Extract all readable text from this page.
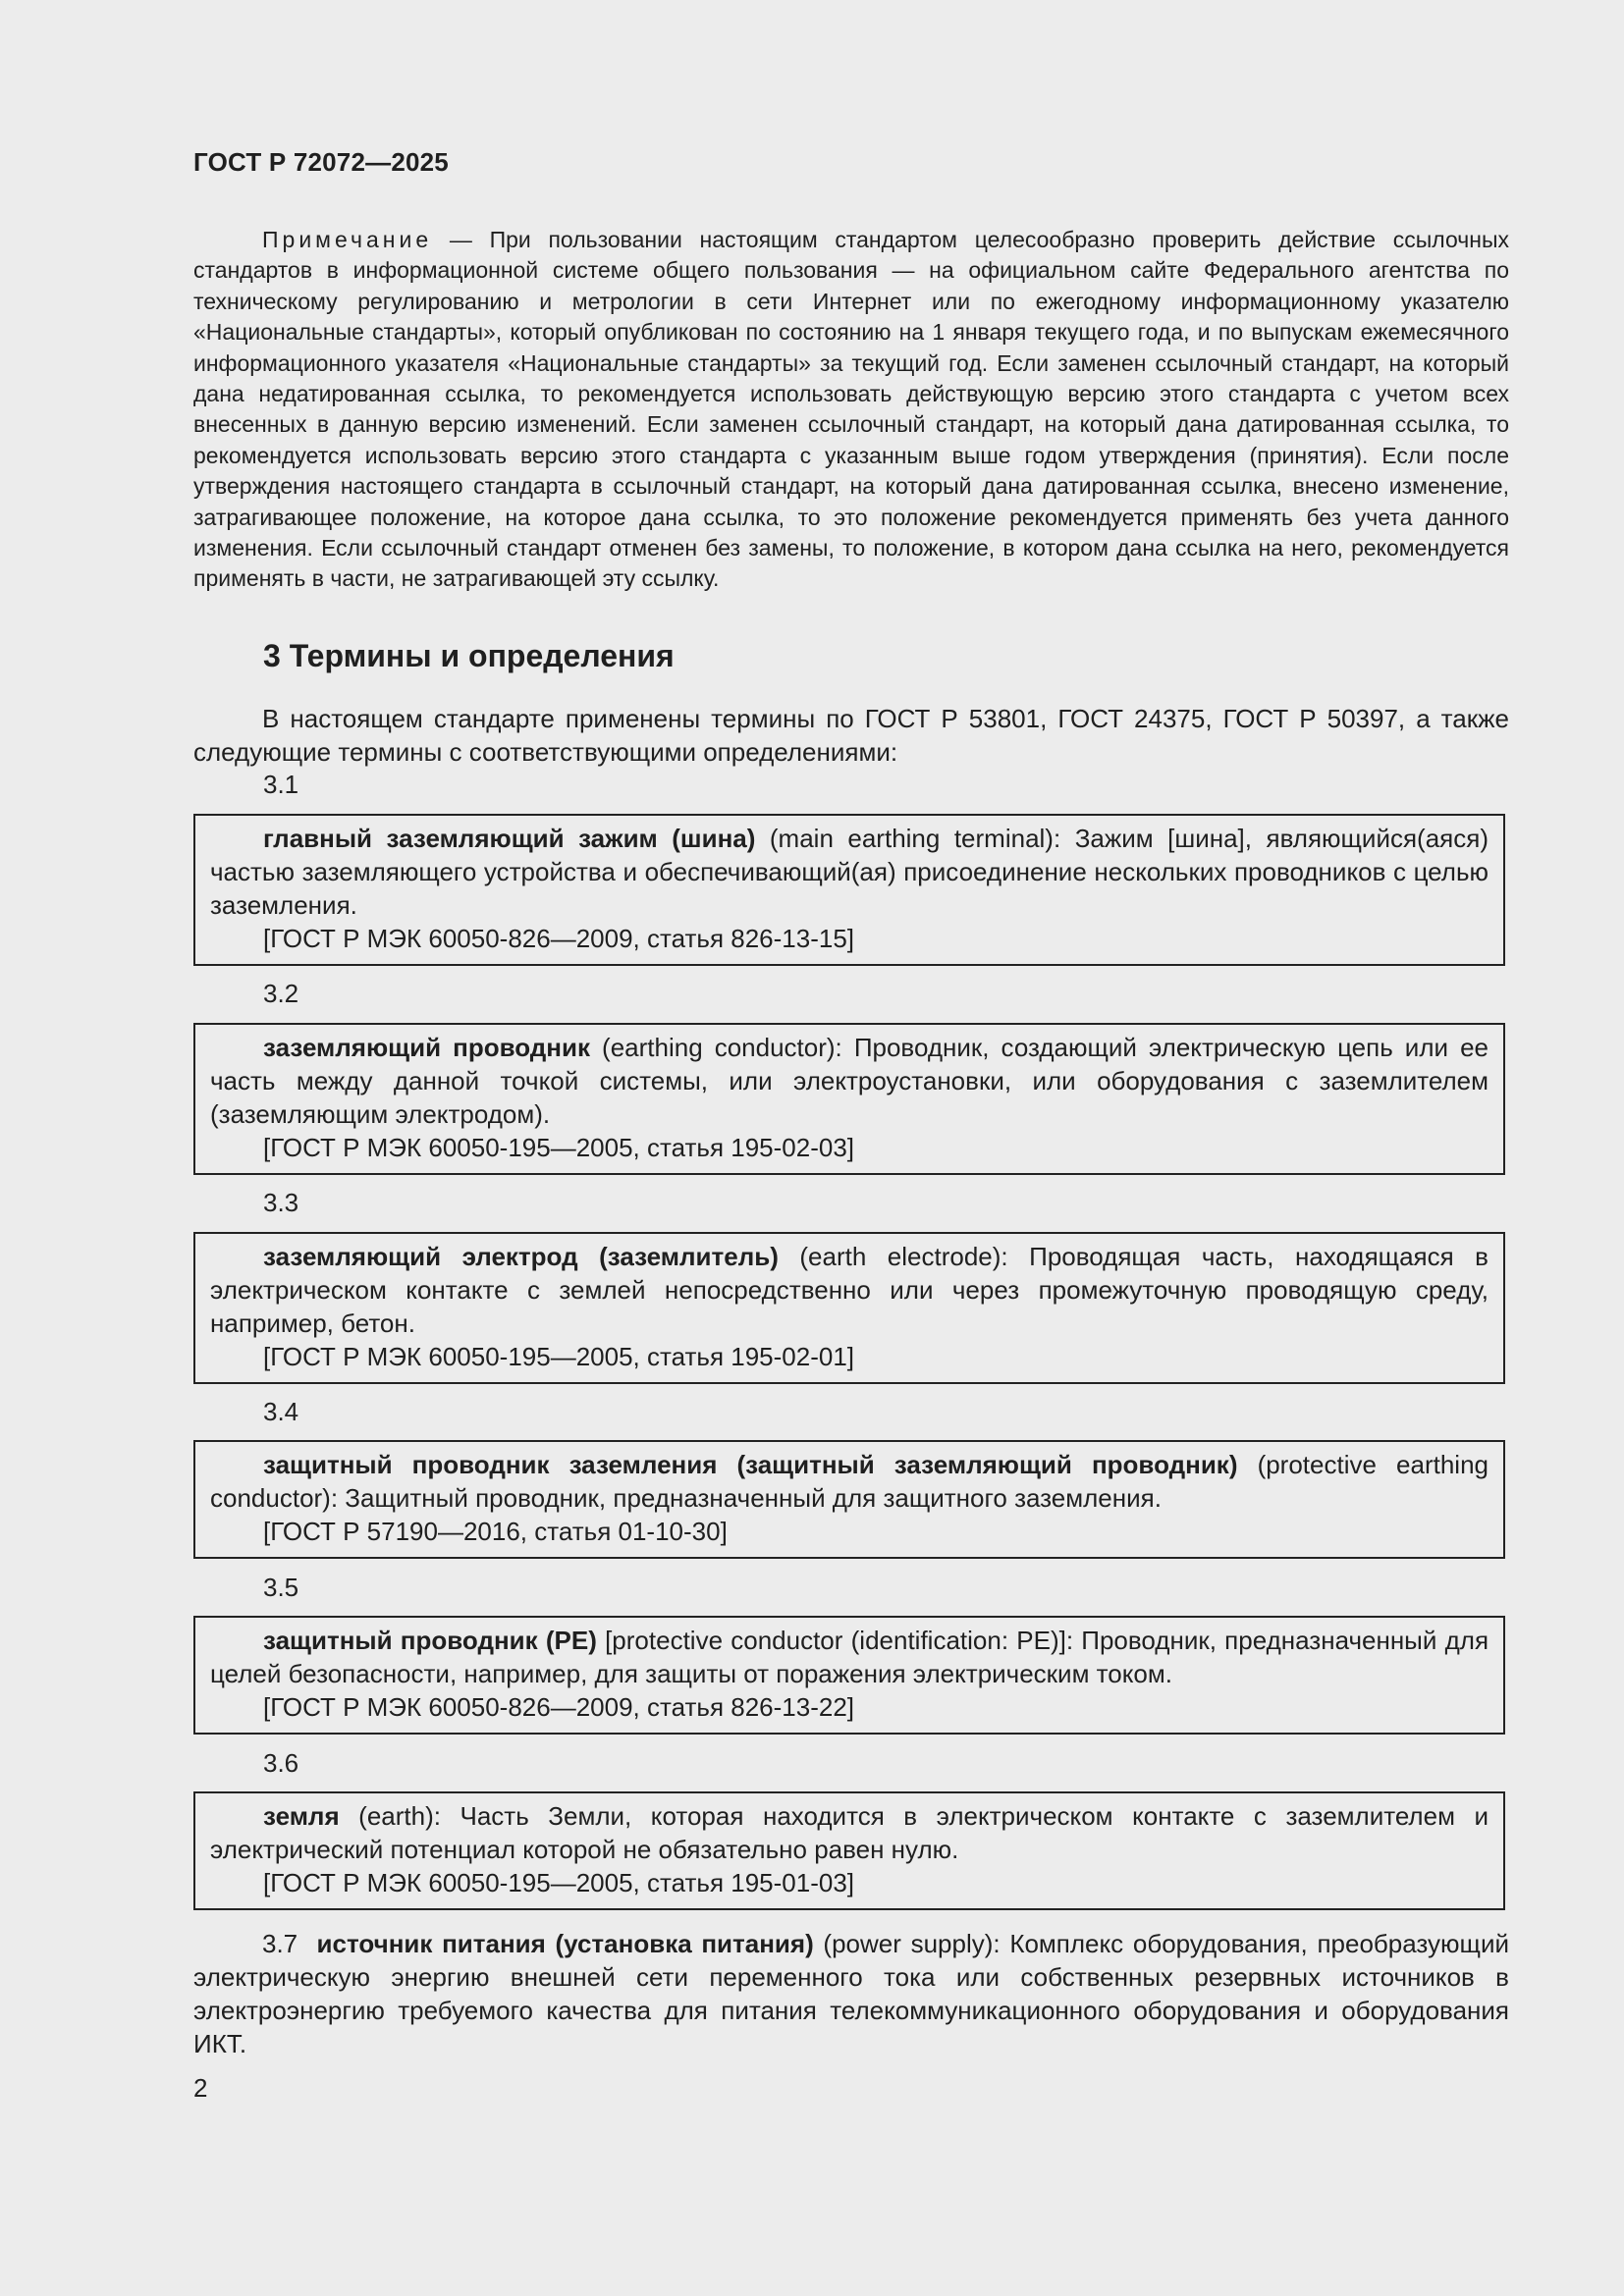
ГОСТ Р 72072—2025

Примечание — При пользовании настоящим стандартом целесообразно проверить действие ссылочных стандартов в информационной системе общего пользования — на официальном сайте Федерального агентства по техническому регулированию и метрологии в сети Интернет или по ежегодному информационному указателю «Национальные стандарты», который опубликован по состоянию на 1 января текущего года, и по выпускам ежемесячного информационного указателя «Национальные стандарты» за текущий год. Если заменен ссылочный стандарт, на который дана недатированная ссылка, то рекомендуется использовать действующую версию этого стандарта с учетом всех внесенных в данную версию изменений. Если заменен ссылочный стандарт, на который дана датированная ссылка, то рекомендуется использовать версию этого стандарта с указанным выше годом утверждения (принятия). Если после утверждения настоящего стандарта в ссылочный стандарт, на который дана датированная ссылка, внесено изменение, затрагивающее положение, на которое дана ссылка, то это положение рекомендуется применять без учета данного изменения. Если ссылочный стандарт отменен без замены, то положение, в котором дана ссылка на него, рекомендуется применять в части, не затрагивающей эту ссылку.

3 Термины и определения

В настоящем стандарте применены термины по ГОСТ Р 53801, ГОСТ 24375, ГОСТ Р 50397, а также следующие термины с соответствующими определениями:

3.1

главный заземляющий зажим (шина) (main earthing terminal): Зажим [шина], являющийся(аяся) частью заземляющего устройства и обеспечивающий(ая) присоединение нескольких проводников с целью заземления.

[ГОСТ Р МЭК 60050-826—2009, статья 826-13-15]

3.2

заземляющий проводник (earthing conductor): Проводник, создающий электрическую цепь или ее часть между данной точкой системы, или электроустановки, или оборудования с заземлителем (заземляющим электродом).

[ГОСТ Р МЭК 60050-195—2005, статья 195-02-03]

3.3

заземляющий электрод (заземлитель) (earth electrode): Проводящая часть, находящаяся в электрическом контакте с землей непосредственно или через промежуточную проводящую среду, например, бетон.

[ГОСТ Р МЭК 60050-195—2005, статья 195-02-01]

3.4

защитный проводник заземления (защитный заземляющий проводник) (protective earthing conductor): Защитный проводник, предназначенный для защитного заземления.

[ГОСТ Р 57190—2016, статья 01-10-30]

3.5

защитный проводник (PE) [protective conductor (identification: PE)]: Проводник, предназначенный для целей безопасности, например, для защиты от поражения электрическим током.

[ГОСТ Р МЭК 60050-826—2009, статья 826-13-22]

3.6

земля (earth): Часть Земли, которая находится в электрическом контакте с заземлителем и электрический потенциал которой не обязательно равен нулю.

[ГОСТ Р МЭК 60050-195—2005, статья 195-01-03]

3.7 источник питания (установка питания) (power supply): Комплекс оборудования, преобразующий электрическую энергию внешней сети переменного тока или собственных резервных источников в электроэнергию требуемого качества для питания телекоммуникационного оборудования и оборудования ИКТ.

2
